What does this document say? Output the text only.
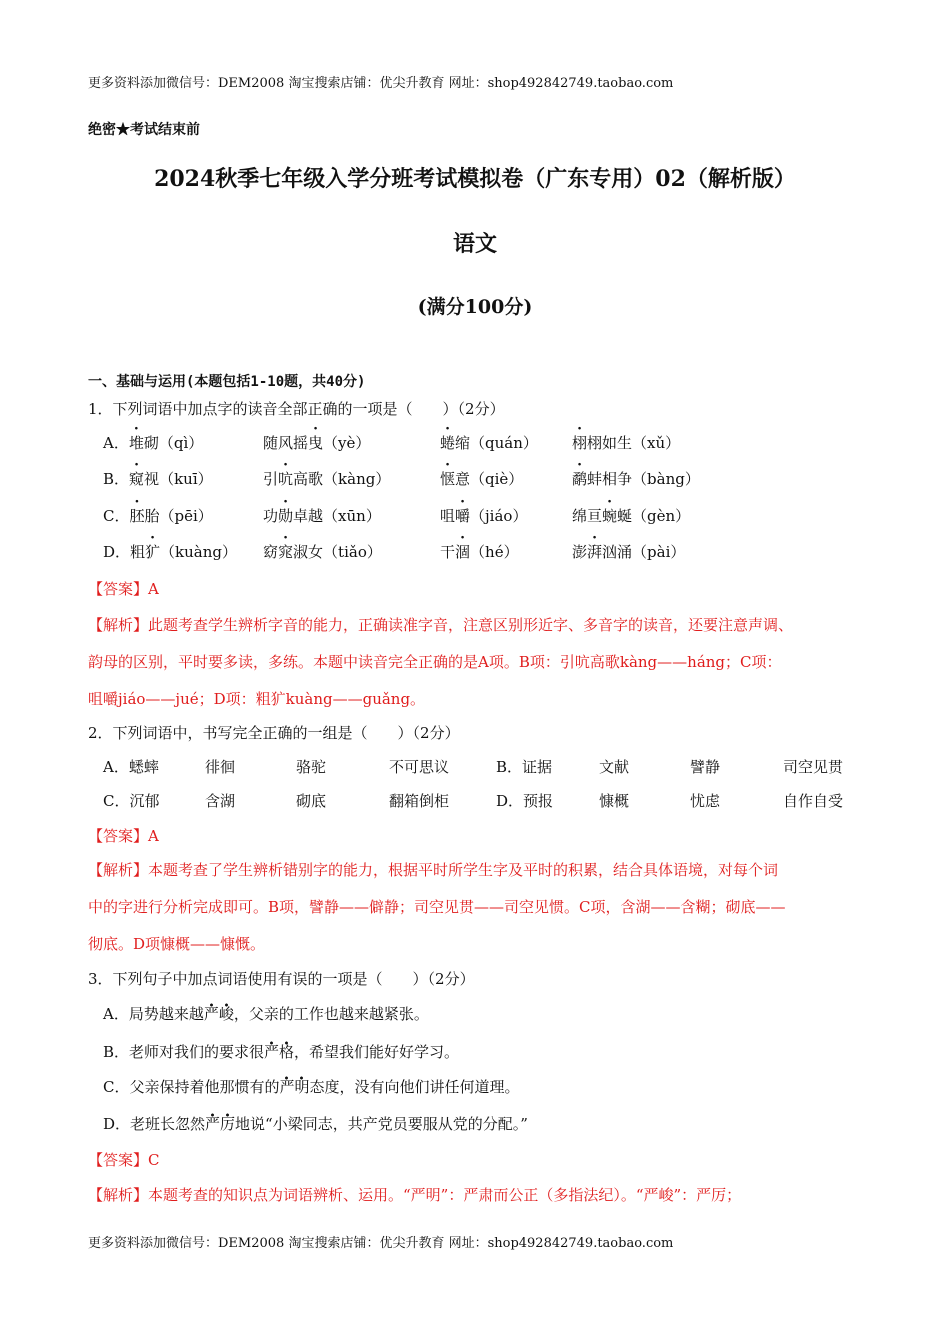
更多资料添加微信号：DEM2008 淘宝搜索店铺：优尖升教育 网址：shop492842749.taobao.com
绝密★考试结束前
2024秋季七年级入学分班考试模拟卷（广东专用）02（解析版）
语文
(满分100分)
一、基础与运用(本题包括1-10题，共40分)
1．下列词语中加点字的读音全部正确的一项是（　　）（2分）
A．堆砌（qì）	随风摇曳（yè）	蜷缩（quán） 栩栩如生（xǔ）
B．窥视（kuī）	引吭高歌（kàng）	惬意（qiè）	鹬蚌相争（bàng）
C．胚胎（pēi）	功勋卓越（xūn）	咀嚼（jiáo）	绵亘蜿蜒（gèn）
D．粗犷（kuàng） 窈窕淑女（tiǎo）	干涸（hé）	澎湃汹涌（pài）
【答案】A
【解析】此题考查学生辨析字音的能力，正确读准字音，注意区别形近字、多音字的读音，还要注意声调、
韵母的区别，平时要多读，多练。本题中读音完全正确的是A项。B项：引吭高歌kàng——háng；C项：
咀嚼jiáo——jué；D项：粗犷kuàng——guǎng。
2．下列词语中，书写完全正确的一组是（　　）（2分）
A．蟋蟀	徘徊	骆驼	不可思议	B．证据	文献	譬静	司空见贯
C．沉郁	含湖	砌底	翻箱倒柜	D．预报	慷概	忧虑	自作自受
【答案】A
【解析】本题考查了学生辨析错别字的能力，根据平时所学生字及平时的积累，结合具体语境，对每个词
中的字进行分析完成即可。B项，譬静——僻静；司空见贯——司空见惯。C项，含湖——含糊；砌底——
彻底。D项慷概——慷慨。
3．下列句子中加点词语使用有误的一项是（　　）（2分）
A．局势越来越严峻，父亲的工作也越来越紧张。
B．老师对我们的要求很严格，希望我们能好好学习。
C．父亲保持着他那惯有的严明态度，没有向他们讲任何道理。
D．老班长忽然严厉地说“小梁同志，共产党员要服从党的分配。”
【答案】C
【解析】本题考查的知识点为词语辨析、运用。“严明”：严肃而公正（多指法纪）。“严峻”：严厉；
更多资料添加微信号：DEM2008 淘宝搜索店铺：优尖升教育 网址：shop492842749.taobao.com
